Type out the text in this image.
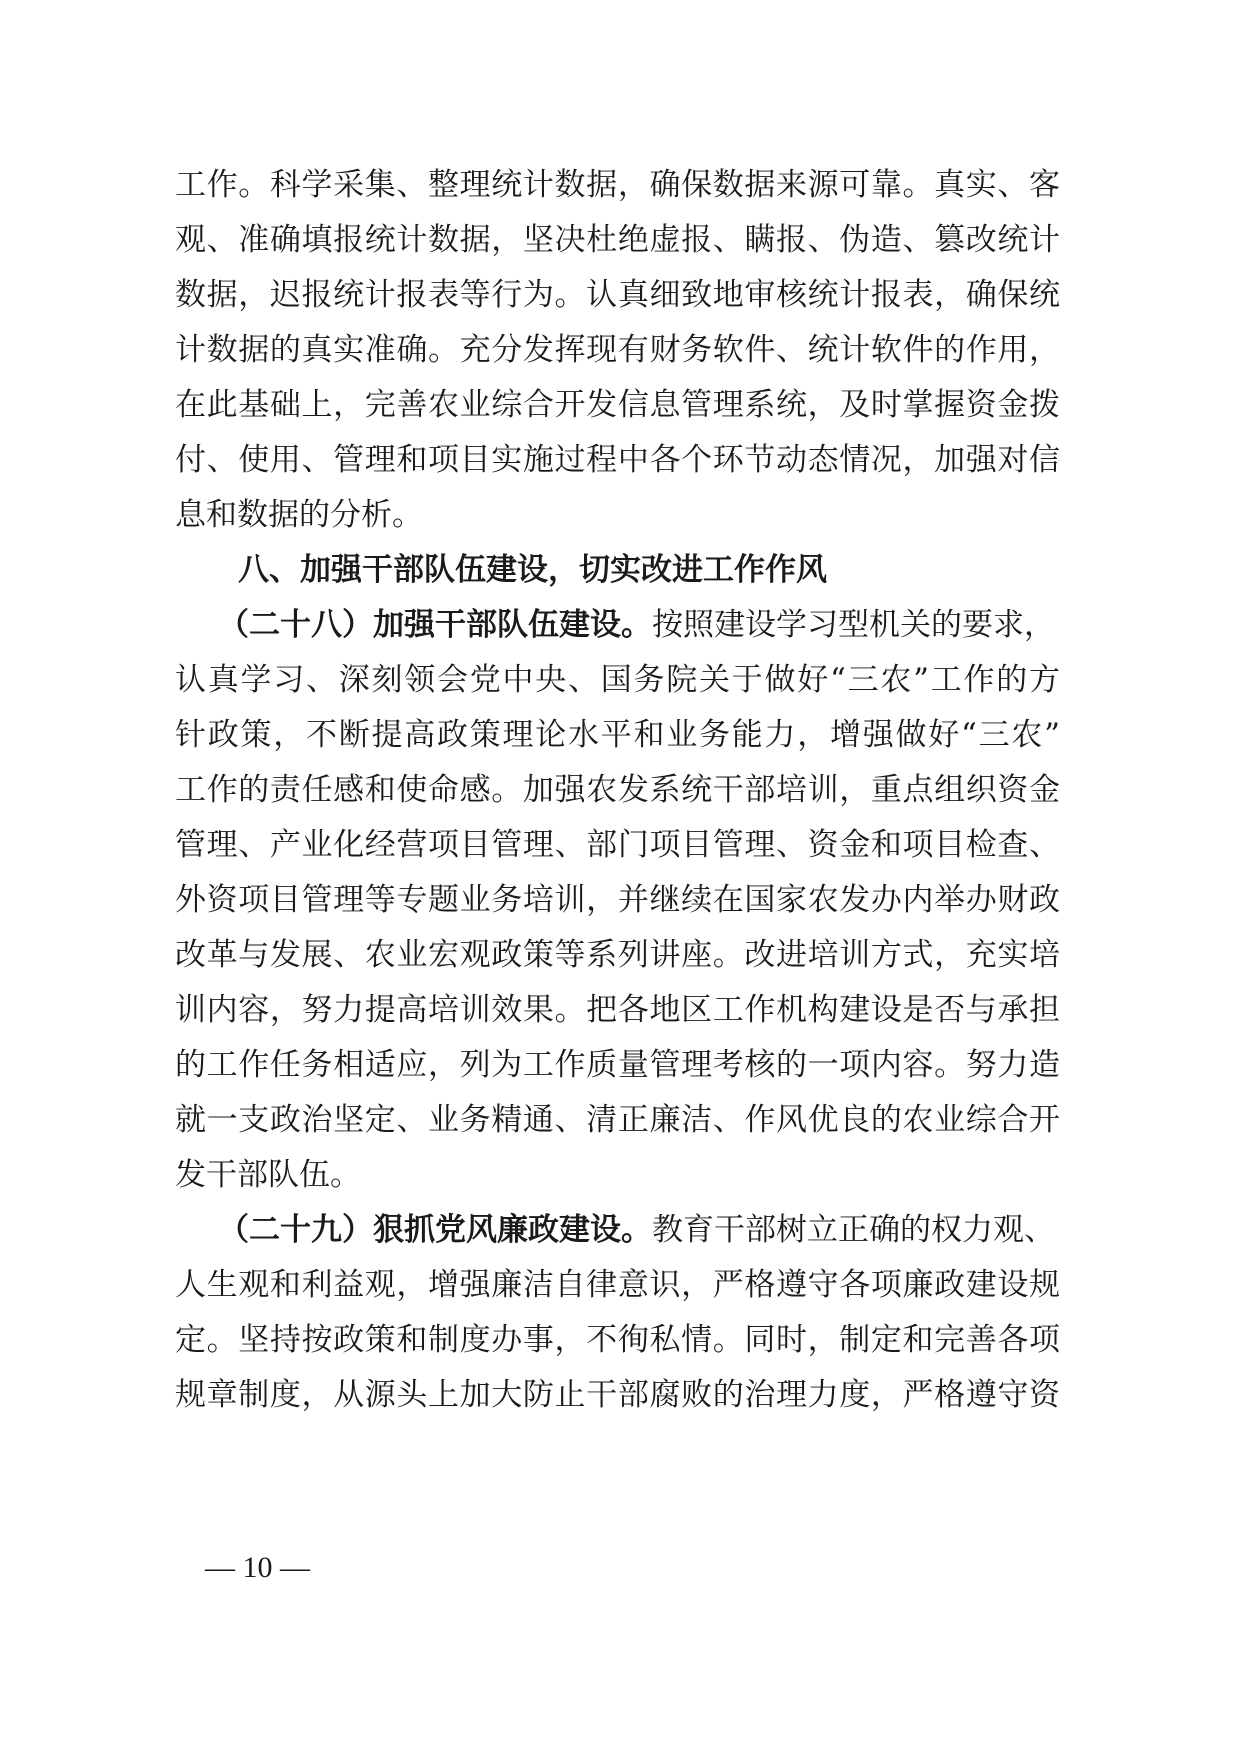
工作。科学采集、整理统计数据，确保数据来源可靠。真实、客
观、准确填报统计数据，坚决杜绝虚报、瞒报、伪造、篡改统计
数据，迟报统计报表等行为。认真细致地审核统计报表，确保统
计数据的真实准确。充分发挥现有财务软件、统计软件的作用，
在此基础上，完善农业综合开发信息管理系统，及时掌握资金拨
付、使用、管理和项目实施过程中各个环节动态情况，加强对信
息和数据的分析。
八、加强干部队伍建设，切实改进工作作风
（二十八）加强干部队伍建设。按照建设学习型机关的要求，
认真学习、深刻领会党中央、国务院关于做好“三农”工作的方
针政策，不断提高政策理论水平和业务能力，增强做好“三农”
工作的责任感和使命感。加强农发系统干部培训，重点组织资金
管理、产业化经营项目管理、部门项目管理、资金和项目检查、
外资项目管理等专题业务培训，并继续在国家农发办内举办财政
改革与发展、农业宏观政策等系列讲座。改进培训方式，充实培
训内容，努力提高培训效果。把各地区工作机构建设是否与承担
的工作任务相适应，列为工作质量管理考核的一项内容。努力造
就一支政治坚定、业务精通、清正廉洁、作风优良的农业综合开
发干部队伍。
（二十九）狠抓党风廉政建设。教育干部树立正确的权力观、
人生观和利益观，增强廉洁自律意识，严格遵守各项廉政建设规
定。坚持按政策和制度办事，不徇私情。同时，制定和完善各项
规章制度，从源头上加大防止干部腐败的治理力度，严格遵守资
— 10 —
